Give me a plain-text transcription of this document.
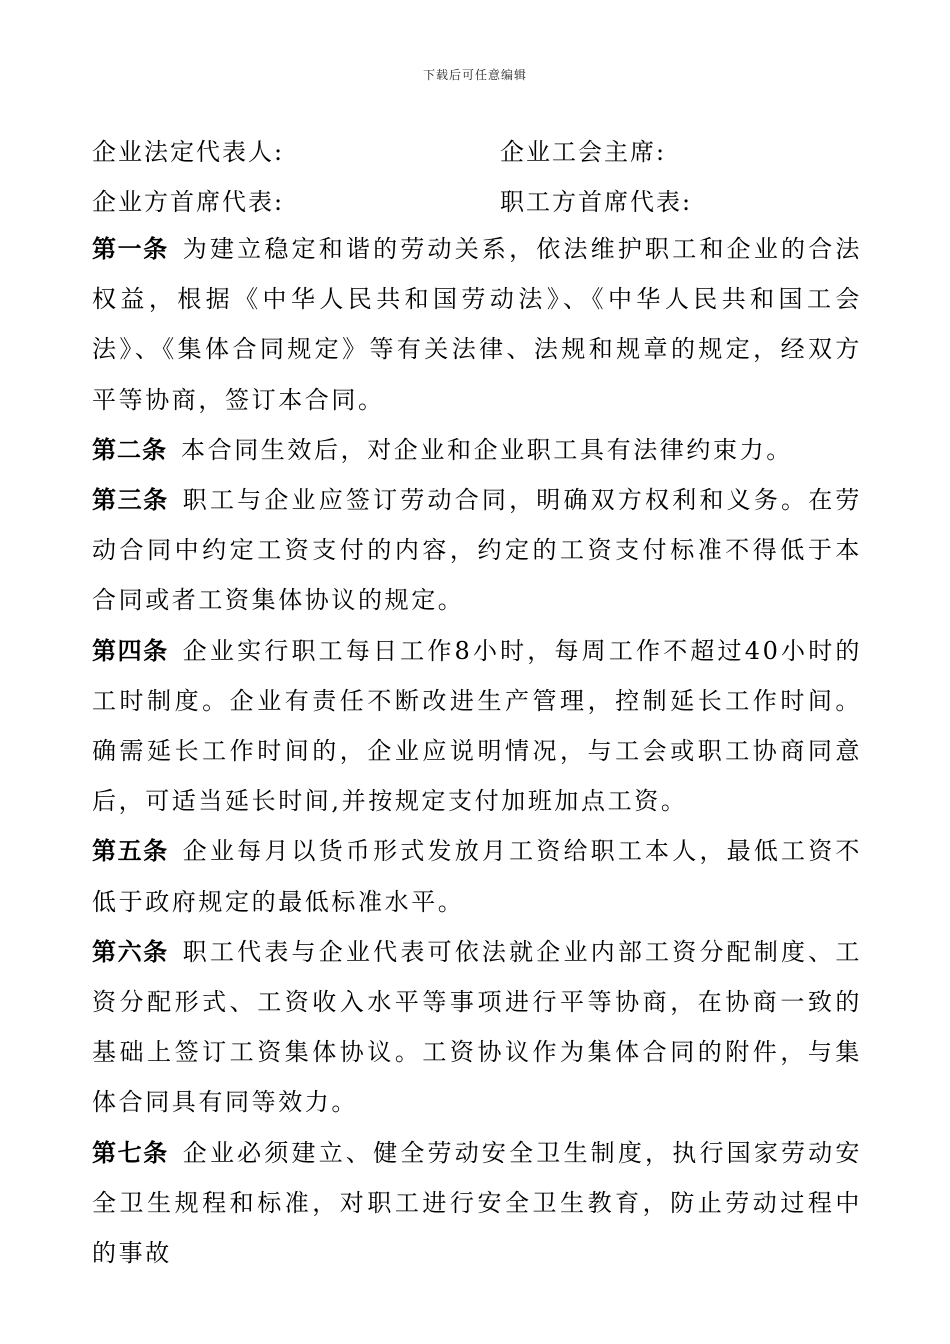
下载后可任意编辑
企业法定代表人:	企业工会主席:
企业方首席代表:	职工方首席代表:

第一条 为建立稳定和谐的劳动关系，依法维护职工和企业的合法权益，根据《中华人民共和国劳动法》、《中华人民共和国工会法》、《集体合同规定》等有关法律、法规和规章的规定，经双方平等协商，签订本合同。

第二条 本合同生效后，对企业和企业职工具有法律约束力。

第三条 职工与企业应签订劳动合同，明确双方权利和义务。在劳动合同中约定工资支付的内容，约定的工资支付标准不得低于本合同或者工资集体协议的规定。

第四条 企业实行职工每日工作8小时，每周工作不超过40小时的工时制度。企业有责任不断改进生产管理，控制延长工作时间。确需延长工作时间的，企业应说明情况，与工会或职工协商同意后，可适当延长时间,并按规定支付加班加点工资。

第五条 企业每月以货币形式发放月工资给职工本人，最低工资不低于政府规定的最低标准水平。

第六条 职工代表与企业代表可依法就企业内部工资分配制度、工资分配形式、工资收入水平等事项进行平等协商，在协商一致的基础上签订工资集体协议。工资协议作为集体合同的附件，与集体合同具有同等效力。

第七条 企业必须建立、健全劳动安全卫生制度，执行国家劳动安全卫生规程和标准，对职工进行安全卫生教育，防止劳动过程中的事故
